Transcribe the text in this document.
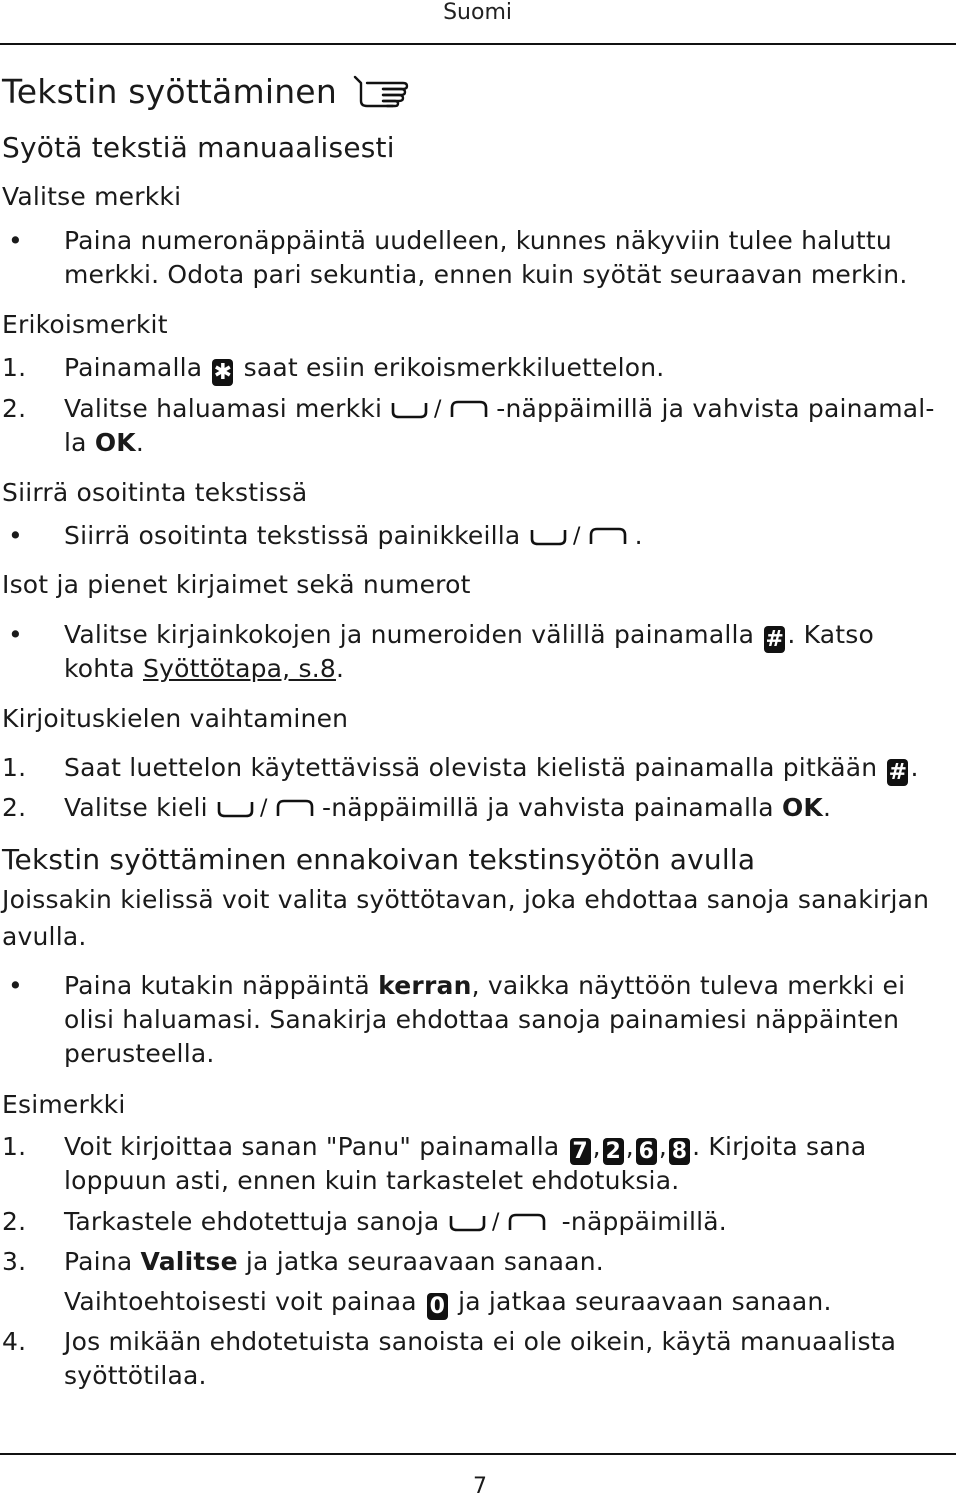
Suomi
Tekstin syöttäminen
Syötä tekstiä manuaalisesti
Valitse merkki
• Paina numeronäppäintä uudelleen, kunnes näkyviin tulee haluttu
merkki. Odota pari sekuntia, ennen kuin syötät seuraavan merkin.
Erikoismerkit
1. Painamalla ✱ saat esiin erikoismerkkiluettelon.
2. Valitse haluamasi merkki / -näppäimillä ja vahvista painamal-
la OK.
Siirrä osoitinta tekstissä
• Siirrä osoitinta tekstissä painikkeilla / .
Isot ja pienet kirjaimet sekä numerot
• Valitse kirjainkokojen ja numeroiden välillä painamalla # . Katso
kohta Syöttötapa, s.8.
Kirjoituskielen vaihtaminen
1. Saat luettelon käytettävissä olevista kielistä painamalla pitkään # .
2. Valitse kieli / -näppäimillä ja vahvista painamalla OK.
Tekstin syöttäminen ennakoivan tekstinsyötön avulla
Joissakin kielissä voit valita syöttötavan, joka ehdottaa sanoja sanakirjan
avulla.
• Paina kutakin näppäintä kerran, vaikka näyttöön tuleva merkki ei
olisi haluamasi. Sanakirja ehdottaa sanoja painamiesi näppäinten
perusteella.
Esimerkki
1. Voit kirjoittaa sanan "Panu" painamalla 7 , 2 , 6 , 8 . Kirjoita sana
loppuun asti, ennen kuin tarkastelet ehdotuksia.
2. Tarkastele ehdotettuja sanoja /	-näppäimillä.
3. Paina Valitse ja jatka seuraavaan sanaan.
Vaihtoehtoisesti voit painaa 0 ja jatkaa seuraavaan sanaan.
4. Jos mikään ehdotetuista sanoista ei ole oikein, käytä manuaalista
syöttötilaa.
7
